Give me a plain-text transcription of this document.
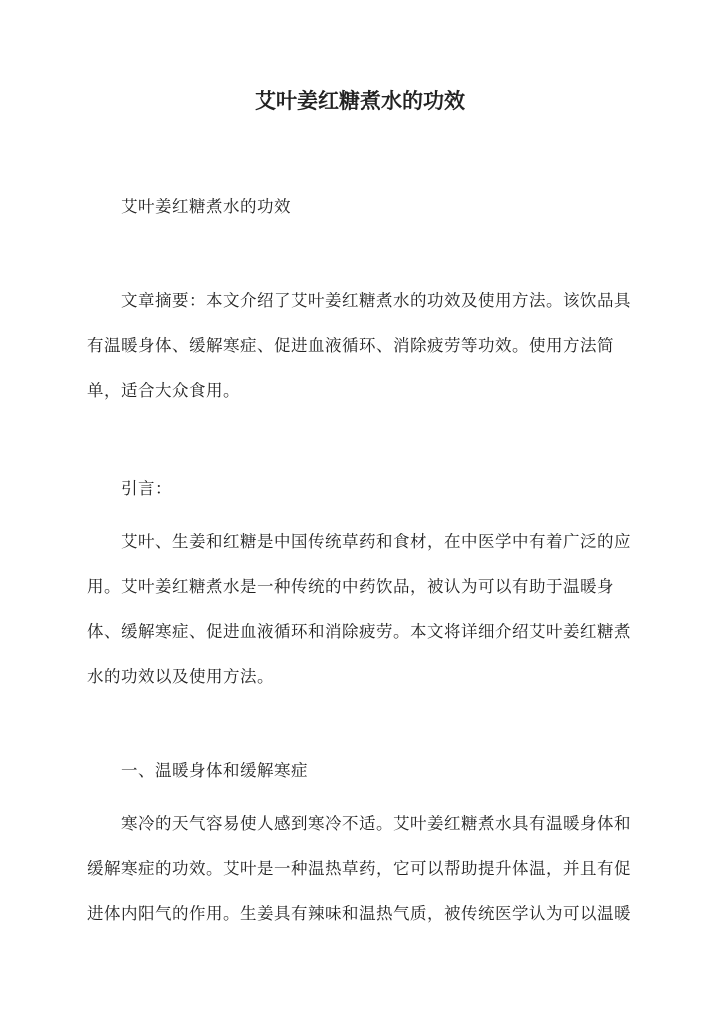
艾叶姜红糖煮水的功效

艾叶姜红糖煮水的功效

文章摘要：本文介绍了艾叶姜红糖煮水的功效及使用方法。该饮品具有温暖身体、缓解寒症、促进血液循环、消除疲劳等功效。使用方法简单，适合大众食用。

引言：

艾叶、生姜和红糖是中国传统草药和食材，在中医学中有着广泛的应用。艾叶姜红糖煮水是一种传统的中药饮品，被认为可以有助于温暖身体、缓解寒症、促进血液循环和消除疲劳。本文将详细介绍艾叶姜红糖煮水的功效以及使用方法。

一、温暖身体和缓解寒症

寒冷的天气容易使人感到寒冷不适。艾叶姜红糖煮水具有温暖身体和缓解寒症的功效。艾叶是一种温热草药，它可以帮助提升体温，并且有促进体内阳气的作用。生姜具有辣味和温热气质，被传统医学认为可以温暖
